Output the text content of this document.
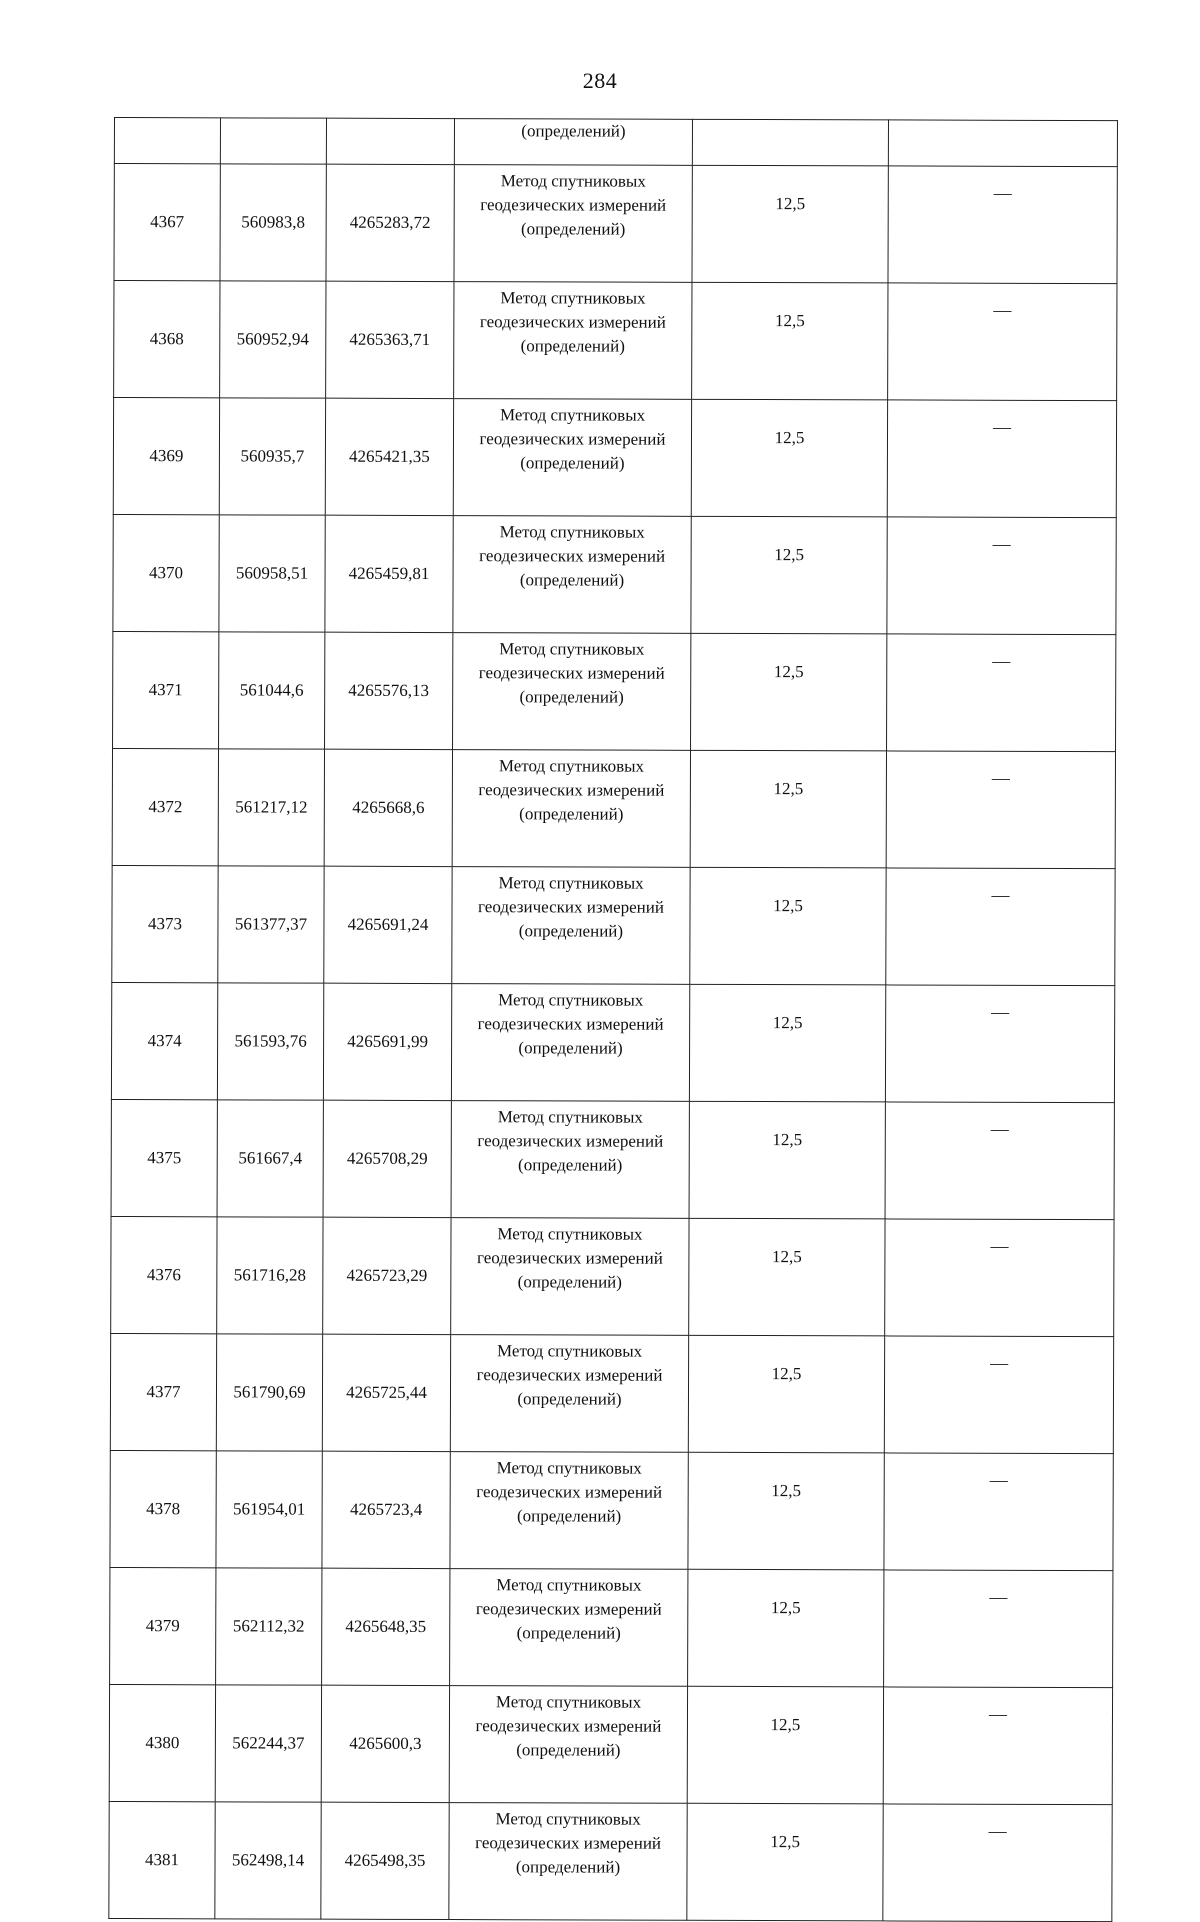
284
			(определений)		
4367	560983,8	4265283,72	Метод спутниковых
геодезических измерений
(определений)	12,5	—
4368	560952,94	4265363,71	Метод спутниковых
геодезических измерений
(определений)	12,5	—
4369	560935,7	4265421,35	Метод спутниковых
геодезических измерений
(определений)	12,5	—
4370	560958,51	4265459,81	Метод спутниковых
геодезических измерений
(определений)	12,5	—
4371	561044,6	4265576,13	Метод спутниковых
геодезических измерений
(определений)	12,5	—
4372	561217,12	4265668,6	Метод спутниковых
геодезических измерений
(определений)	12,5	—
4373	561377,37	4265691,24	Метод спутниковых
геодезических измерений
(определений)	12,5	—
4374	561593,76	4265691,99	Метод спутниковых
геодезических измерений
(определений)	12,5	—
4375	561667,4	4265708,29	Метод спутниковых
геодезических измерений
(определений)	12,5	—
4376	561716,28	4265723,29	Метод спутниковых
геодезических измерений
(определений)	12,5	—
4377	561790,69	4265725,44	Метод спутниковых
геодезических измерений
(определений)	12,5	—
4378	561954,01	4265723,4	Метод спутниковых
геодезических измерений
(определений)	12,5	—
4379	562112,32	4265648,35	Метод спутниковых
геодезических измерений
(определений)	12,5	—
4380	562244,37	4265600,3	Метод спутниковых
геодезических измерений
(определений)	12,5	—
4381	562498,14	4265498,35	Метод спутниковых
геодезических измерений
(определений)	12,5	—
